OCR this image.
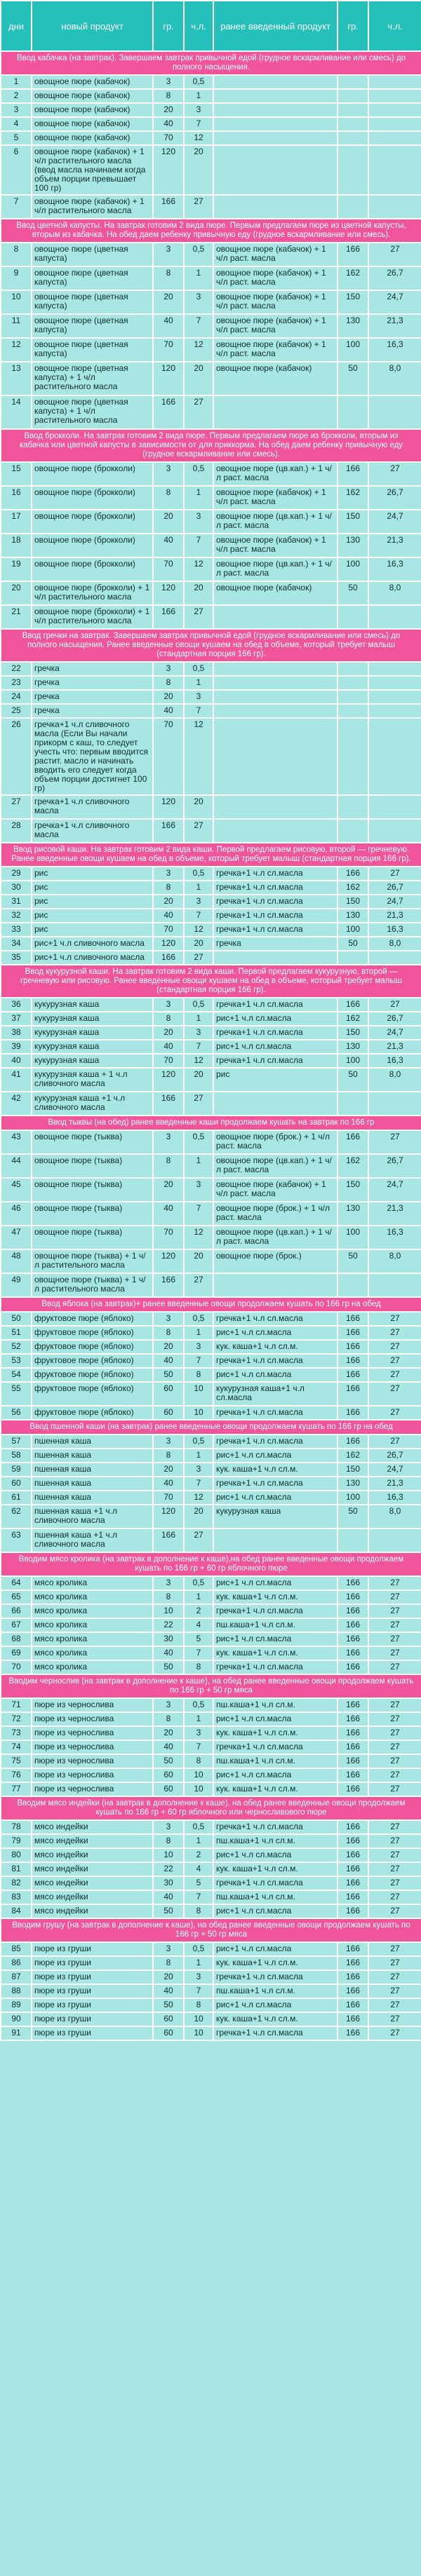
дни	новый продукт	гр.	ч.л.	ранее введенный продукт	гр.	ч.л.
Ввод кабачка (на завтрак). Завершаем завтрак привычной едой (грудное вскармливание или смесь) до полного насыщения.						
1	овощное пюре (кабачок)	3	0,5			
2	овощное пюре (кабачок)	8	1			
3	овощное пюре (кабачок)	20	3			
4	овощное пюре (кабачок)	40	7			
5	овощное пюре (кабачок)	70	12			
6	овощное пюре (кабачок) + 1 ч/л растительного масла (ввод масла начинаем когда объем порции превышает 100 гр)	120	20			
7	овощное пюре (кабачок) + 1 ч/л растительного масла	166	27			
Ввод цветной капусты. На завтрак готовим 2 вида пюре. Первым предлагаем пюре из цветной капусты, вторым из кабачка. На обед даем ребенку привычную еду (грудное вскармливание или смесь).						
8	овощное пюре (цветная капуста)	3	0,5	овощное пюре (кабачок) + 1 ч/л раст. масла	166	27
9	овощное пюре (цветная капуста)	8	1	овощное пюре (кабачок) + 1 ч/л раст. масла	162	26,7
10	овощное пюре (цветная капуста)	20	3	овощное пюре (кабачок) + 1 ч/л раст. масла	150	24,7
11	овощное пюре (цветная капуста)	40	7	овощное пюре (кабачок) + 1 ч/л раст. масла	130	21,3
12	овощное пюре (цветная капуста)	70	12	овощное пюре (кабачок) + 1 ч/л раст. масла	100	16,3
13	овощное пюре (цветная капуста) + 1 ч/л растительного масла	120	20	овощное пюре (кабачок)	50	8,0
14	овощное пюре (цветная капуста) + 1 ч/л растительного масла	166	27			
Ввод брокколи. На завтрак готовим 2 вида пюре. Первым предлагаем пюре из брокколи, вторым из кабачка или цветной капусты в зависимости от для приккорма. На обед даем ребенку привычную еду (грудное вскармливание или смесь).						
15	овощное пюре (брокколи)	3	0,5	овощное пюре (цв.кап.) + 1 ч/л раст. масла	166	27
16	овощное пюре (брокколи)	8	1	овощное пюре (кабачок) + 1 ч/л раст. масла	162	26,7
17	овощное пюре (брокколи)	20	3	овощное пюре (цв.кап.) + 1 ч/л раст. масла	150	24,7
18	овощное пюре (брокколи)	40	7	овощное пюре (кабачок) + 1 ч/л раст. масла	130	21,3
19	овощное пюре (брокколи)	70	12	овощное пюре (цв.кап.) + 1 ч/л раст. масла	100	16,3
20	овощное пюре (брокколи) + 1 ч/л растительного масла	120	20	овощное пюре (кабачок)	50	8,0
21	овощное пюре (брокколи) + 1 ч/л растительного масла	166	27			
Ввод гречки на завтрак. Завершаем завтрак привычной едой (грудное вскармливание или смесь) до полного насыщения. Ранее введенные овощи кушаем на обед в объеме, который требует малыш (стандартная порция 166 гр).						
22	гречка	3	0,5			
23	гречка	8	1			
24	гречка	20	3			
25	гречка	40	7			
26	гречка+1 ч.л сливочного масла (Если Вы начали прикорм с каш, то следует учесть что: первым вводится растит. масло и начинать вводить его следует когда объем порции достигнет 100 гр)	70	12			
27	гречка+1 ч.л сливочного масла	120	20			
28	гречка+1 ч.л сливочного масла	166	27			
Ввод рисовой каши. На завтрак готовим 2 вида каши. Первой предлагаем рисовую, второй — гречневую. Ранее введенные овощи кушаем на обед в объеме, который требует малыш (стандартная порция 166 гр).						
29	рис	3	0,5	гречка+1 ч.л сл.масла	166	27
30	рис	8	1	гречка+1 ч.л сл.масла	162	26,7
31	рис	20	3	гречка+1 ч.л сл.масла	150	24,7
32	рис	40	7	гречка+1 ч.л сл.масла	130	21,3
33	рис	70	12	гречка+1 ч.л сл.масла	100	16,3
34	рис+1 ч.л сливочного масла	120	20	гречка	50	8,0
35	рис+1 ч.л сливочного масла	166	27			
Ввод кукурузной каши. На завтрак готовим 2 вида каши. Первой предлагаем кукурузную, второй — гречневую или рисовую. Ранее введенные овощи кушаем на обед в объеме, который требует малыш (стандартная порция 166 гр).						
36	кукурузная каша	3	0,5	гречка+1 ч.л сл.масла	166	27
37	кукурузная каша	8	1	рис+1 ч.л сл.масла	162	26,7
38	кукурузная каша	20	3	гречка+1 ч.л сл.масла	150	24,7
39	кукурузная каша	40	7	рис+1 ч.л сл.масла	130	21,3
40	кукурузная каша	70	12	гречка+1 ч.л сл.масла	100	16,3
41	кукурузная каша + 1 ч.л сливочного масла	120	20	рис	50	8,0
42	кукурузная каша +1 ч.л сливочного масла	166	27			
Ввод тыквы (на обед) ранее введенные каши продолжаем кушать на завтрак по 166 гр						
43	овощное пюре (тыква)	3	0,5	овощное пюре (брок.) + 1 ч/л раст. масла	166	27
44	овощное пюре (тыква)	8	1	овощное пюре (цв.кап.) + 1 ч/л раст. масла	162	26,7
45	овощное пюре (тыква)	20	3	овощное пюре (кабачок) + 1 ч/л раст. масла	150	24,7
46	овощное пюре (тыква)	40	7	овощное пюре (брок.) + 1 ч/л раст. масла	130	21,3
47	овощное пюре (тыква)	70	12	овощное пюре (цв.кап.) + 1 ч/л раст. масла	100	16,3
48	овощное пюре (тыква) + 1 ч/л растительного масла	120	20	овощное пюре (брок.)	50	8,0
49	овощное пюре (тыква) + 1 ч/л растительного масла	166	27			
Ввод яблока (на завтрак)+ ранее введенные овощи продолжаем кушать по 166 гр на обед						
50	фруктовое пюре (яблоко)	3	0,5	гречка+1 ч.л сл.масла	166	27
51	фруктовое пюре (яблоко)	8	1	рис+1 ч.л сл.масла	166	27
52	фруктовое пюре (яблоко)	20	3	кук. каша+1 ч.л сл.м.	166	27
53	фруктовое пюре (яблоко)	40	7	гречка+1 ч.л сл.масла	166	27
54	фруктовое пюре (яблоко)	50	8	рис+1 ч.л сл.масла	166	27
55	фруктовое пюре (яблоко)	60	10	кукурузная каша+1 ч.л сл.масла	166	27
56	фруктовое пюре (яблоко)	60	10	гречка+1 ч.л сл.масла	166	27
Ввод пшенной каши (на завтрак) ранее введенные овощи продолжаем кушать по 166 гр на обед						
57	пшенная каша	3	0,5	гречка+1 ч.л сл.масла	166	27
58	пшенная каша	8	1	рис+1 ч.л сл.масла	162	26,7
59	пшенная каша	20	3	кук. каша+1 ч.л сл.м.	150	24,7
60	пшенная каша	40	7	гречка+1 ч.л сл.масла	130	21,3
61	пшенная каша	70	12	рис+1 ч.л сл.масла	100	16,3
62	пшенная каша +1 ч.л сливочного масла	120	20	кукурузная каша	50	8,0
63	пшенная каша +1 ч.л сливочного масла	166	27			
Вводим мясо кролика (на завтрак в дополнение к каше),на обед ранее введенные овощи продолжаем кушать по 166 гр + 60 гр яблочного пюре						
64	мясо кролика	3	0,5	рис+1 ч.л сл.масла	166	27
65	мясо кролика	8	1	кук. каша+1 ч.л сл.м.	166	27
66	мясо кролика	10	2	гречка+1 ч.л сл.масла	166	27
67	мясо кролика	22	4	пш.каша+1 ч.л сл.м.	166	27
68	мясо кролика	30	5	рис+1 ч.л сл.масла	166	27
69	мясо кролика	40	7	кук. каша+1 ч.л сл.м.	166	27
70	мясо кролика	50	8	гречка+1 ч.л сл.масла	166	27
Вводим чернослив (на завтрак в дополнение к каше), на обед ранее введенные овощи продолжаем кушать по 166 гр + 50 гр мяса						
71	пюре из чернослива	3	0,5	пш.каша+1 ч.л сл.м.	166	27
72	пюре из чернослива	8	1	рис+1 ч.л сл.масла	166	27
73	пюре из чернослива	20	3	кук. каша+1 ч.л сл.м.	166	27
74	пюре из чернослива	40	7	гречка+1 ч.л сл.масла	166	27
75	пюре из чернослива	50	8	пш.каша+1 ч.л сл.м.	166	27
76	пюре из чернослива	60	10	рис+1 ч.л сл.масла	166	27
77	пюре из чернослива	60	10	кук. каша+1 ч.л сл.м.	166	27
Вводим мясо индейки (на завтрак в дополнение к каше), на обед ранее введенные овощи продолжаем кушать по 166 гр + 60 гр яблочного или черносливового пюре						
78	мясо индейки	3	0,5	гречка+1 ч.л сл.масла	166	27
79	мясо индейки	8	1	пш.каша+1 ч.л сл.м.	166	27
80	мясо индейки	10	2	рис+1 ч.л сл.масла	166	27
81	мясо индейки	22	4	кук. каша+1 ч.л сл.м.	166	27
82	мясо индейки	30	5	гречка+1 ч.л сл.масла	166	27
83	мясо индейки	40	7	пш.каша+1 ч.л сл.м.	166	27
84	мясо индейки	50	8	рис+1 ч.л сл.масла	166	27
Вводим грушу (на завтрак в дополнение к каше), на обед ранее введенные овощи продолжаем кушать по 166 гр + 50 гр мяса						
85	пюре из груши	3	0,5	рис+1 ч.л сл.масла	166	27
86	пюре из груши	8	1	кук. каша+1 ч.л сл.м.	166	27
87	пюре из груши	20	3	гречка+1 ч.л сл.масла	166	27
88	пюре из груши	40	7	пш.каша+1 ч.л сл.м.	166	27
89	пюре из груши	50	8	рис+1 ч.л сл.масла	166	27
90	пюре из груши	60	10	кук. каша+1 ч.л сл.м.	166	27
91	пюре из груши	60	10	гречка+1 ч.л сл.масла	166	27
